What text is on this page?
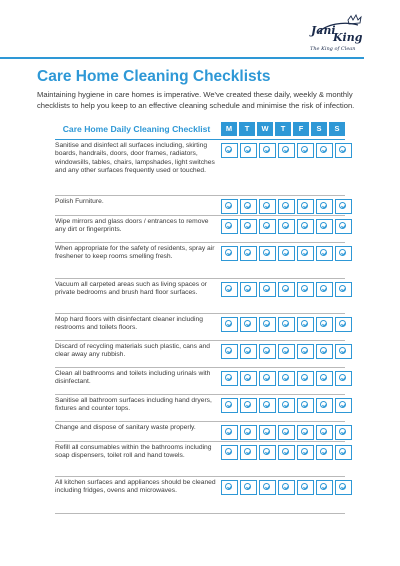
Jani
King
The King of Clean
Care Home Cleaning Checklists

Maintaining hygiene in care homes is imperative. We've created these daily, weekly & monthly checklists to help you keep to an effective cleaning schedule and minimise the risk of infection.

Care Home Daily Cleaning Checklist	M	T	W	T	F	S	S
Sanitise and disinfect all surfaces including, skirting boards, handrails, doors, door frames, radiators, windowsills, tables, chairs, lampshades, light switches and any other surfaces frequently used or touched.
Polish Furniture.
Wipe mirrors and glass doors / entrances to remove any dirt or fingerprints.
When appropriate for the safety of residents, spray air freshener to keep rooms smelling fresh.
Vacuum all carpeted areas such as living spaces or private bedrooms and brush hard floor surfaces.
Mop hard floors with disinfectant cleaner including restrooms and toilets floors.
Discard of recycling materials such plastic, cans and clear away any rubbish.
Clean all bathrooms and toilets including urinals with disinfectant.
Sanitise all bathroom surfaces including hand dryers, fixtures and counter tops.
Change and dispose of sanitary waste properly.
Refill all consumables within the bathrooms including soap dispensers, toilet roll and hand towels.
All kitchen surfaces and appliances should be cleaned including fridges, ovens and microwaves.
